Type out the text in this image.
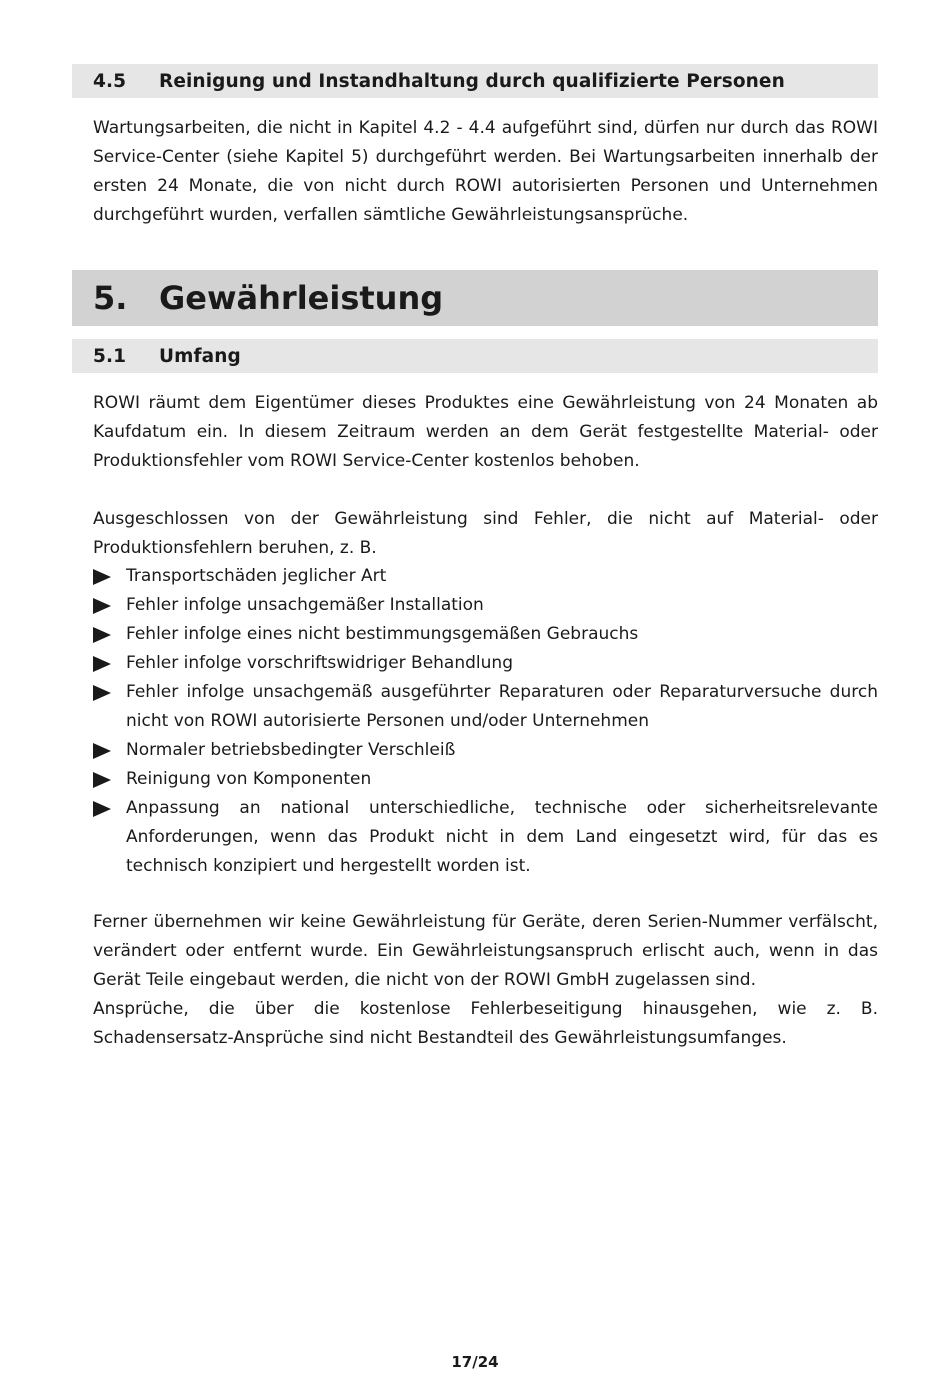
4.5	Reinigung und Instandhaltung durch qualifizierte Personen

Wartungsarbeiten, die nicht in Kapitel 4.2 - 4.4 aufgeführt sind, dürfen nur durch das ROWI Service-Center (siehe Kapitel 5) durchgeführt werden. Bei Wartungsarbeiten innerhalb der ersten 24 Monate, die von nicht durch ROWI autorisierten Personen und Unternehmen durchgeführt wurden, verfallen sämtliche Gewährleistungsansprüche.

5. Gewährleistung
5.1	Umfang

ROWI räumt dem Eigentümer dieses Produktes eine Gewährleistung von 24 Monaten ab Kaufdatum ein. In diesem Zeitraum werden an dem Gerät festgestellte Material- oder Produktionsfehler vom ROWI Service-Center kostenlos behoben.

Ausgeschlossen von der Gewährleistung sind Fehler, die nicht auf Material- oder Produktionsfehlern beruhen, z. B.

Transportschäden jeglicher Art
Fehler infolge unsachgemäßer Installation
Fehler infolge eines nicht bestimmungsgemäßen Gebrauchs
Fehler infolge vorschriftswidriger Behandlung
Fehler infolge unsachgemäß ausgeführter Reparaturen oder Reparaturversuche durch nicht von ROWI autorisierte Personen und/oder Unternehmen
Normaler betriebsbedingter Verschleiß
Reinigung von Komponenten
Anpassung an national unterschiedliche, technische oder sicherheitsrelevante Anforderungen, wenn das Produkt nicht in dem Land eingesetzt wird, für das es technisch konzipiert und hergestellt worden ist.

Ferner übernehmen wir keine Gewährleistung für Geräte, deren Serien-Nummer verfälscht, verändert oder entfernt wurde. Ein Gewährleistungsanspruch erlischt auch, wenn in das Gerät Teile eingebaut werden, die nicht von der ROWI GmbH zugelassen sind.

Ansprüche, die über die kostenlose Fehlerbeseitigung hinausgehen, wie z. B. Schadensersatz-Ansprüche sind nicht Bestandteil des Gewährleistungsumfanges.

17/24
